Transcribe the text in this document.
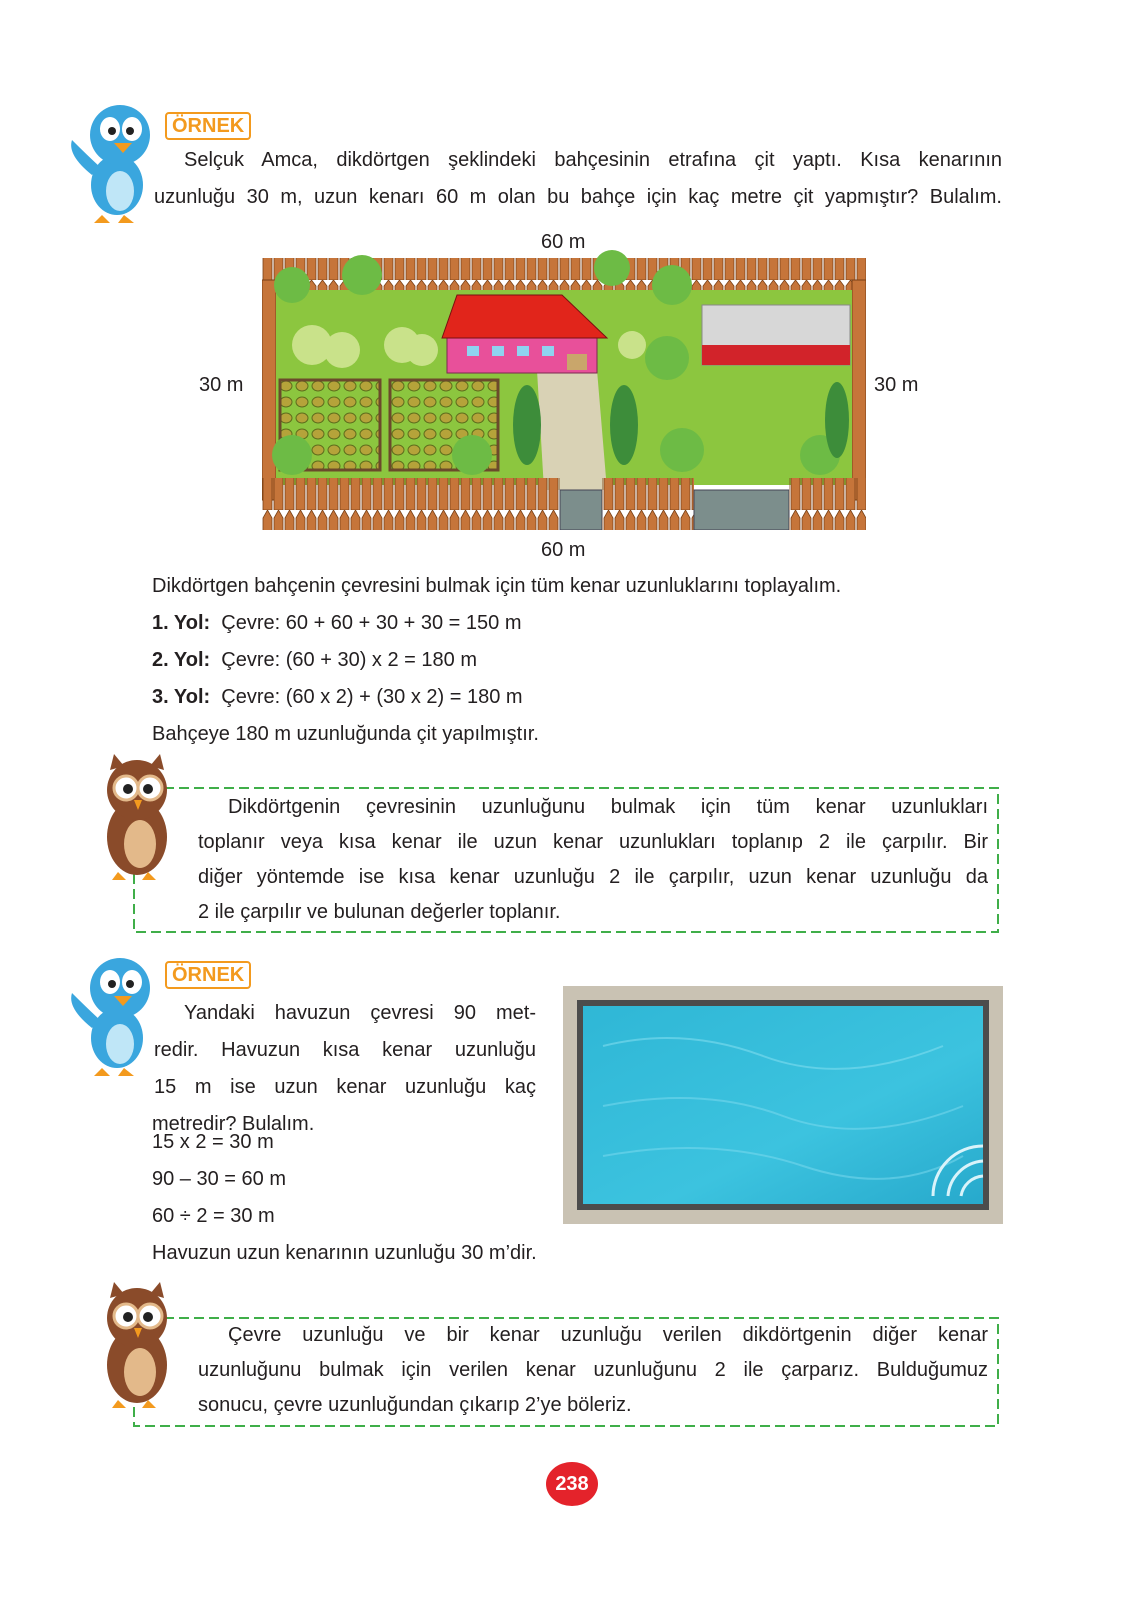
ÖRNEK
Selçuk Amca, dikdörtgen şeklindeki bahçesinin etrafına çit yaptı. Kısa kenarının
uzunluğu 30 m, uzun kenarı 60 m olan bu bahçe için kaç metre çit yapmıştır? Bulalım.
60 m
30 m	30 m
60 m
Dikdörtgen bahçenin çevresini bulmak için tüm kenar uzunluklarını toplayalım.
1. Yol: Çevre: 60 + 60 + 30 + 30 = 150 m
2. Yol: Çevre: (60 + 30) x 2 = 180 m
3. Yol: Çevre: (60 x 2) + (30 x 2) = 180 m
Bahçeye 180 m uzunluğunda çit yapılmıştır.
Dikdörtgenin çevresinin uzunluğunu bulmak için tüm kenar uzunlukları
toplanır veya kısa kenar ile uzun kenar uzunlukları toplanıp 2 ile çarpılır. Bir
diğer yöntemde ise kısa kenar uzunluğu 2 ile çarpılır, uzun kenar uzunluğu da
2 ile çarpılır ve bulunan değerler toplanır.
ÖRNEK
Yandaki havuzun çevresi 90 met-
redir. Havuzun kısa kenar uzunluğu
15 m ise uzun kenar uzunluğu kaç
metredir? Bulalım.
15 x 2 = 30 m
90 – 30 = 60 m
60 ÷ 2 = 30 m
Havuzun uzun kenarının uzunluğu 30 m’dir.
Çevre uzunluğu ve bir kenar uzunluğu verilen dikdörtgenin diğer kenar
uzunluğunu bulmak için verilen kenar uzunluğunu 2 ile çarparız. Bulduğumuz
sonucu, çevre uzunluğundan çıkarıp 2’ye böleriz.
238
